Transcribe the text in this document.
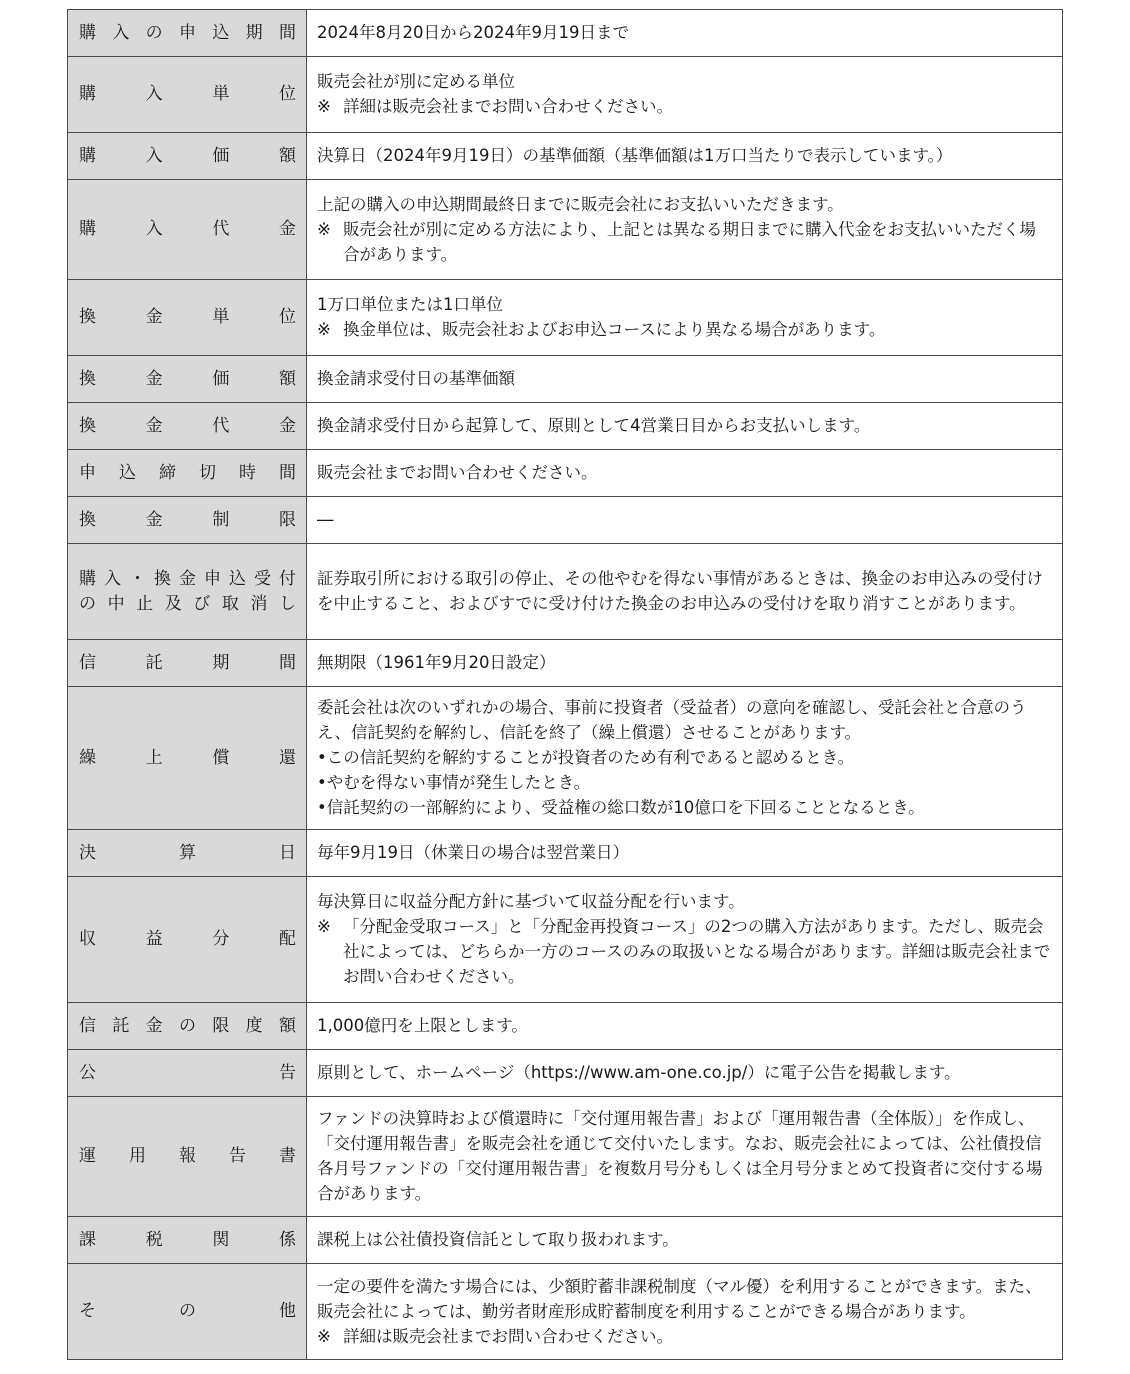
購入の申込期間	2024年8月20日から2024年9月19日まで

購入単位	販売会社が別に定める単位
※ 詳細は販売会社までお問い合わせください。

購入価額	決算日（2024年9月19日）の基準価額（基準価額は1万口当たりで表示しています。）

購入代金	上記の購入の申込期間最終日までに販売会社にお支払いいただきます。
※ 販売会社が別に定める方法により、上記とは異なる期日までに購入代金をお支払いいただく場合があります。

換金単位	1万口単位または1口単位
※ 換金単位は、販売会社およびお申込コースにより異なる場合があります。

換金価額	換金請求受付日の基準価額

換金代金	換金請求受付日から起算して、原則として4営業日目からお支払いします。

申込締切時間	販売会社までお問い合わせください。

換金制限	―

購入・換金申込受付
の中止及び取消し	証券取引所における取引の停止、その他やむを得ない事情があるときは、換金のお申込みの受付けを中止すること、およびすでに受け付けた換金のお申込みの受付けを取り消すことがあります。

信託期間	無期限（1961年9月20日設定）

繰上償還	委託会社は次のいずれかの場合、事前に投資者（受益者）の意向を確認し、受託会社と合意のうえ、信託契約を解約し、信託を終了（繰上償還）させることがあります。
•この信託契約を解約することが投資者のため有利であると認めるとき。
•やむを得ない事情が発生したとき。
•信託契約の一部解約により、受益権の総口数が10億口を下回ることとなるとき。

決算日	毎年9月19日（休業日の場合は翌営業日）

収益分配	毎決算日に収益分配方針に基づいて収益分配を行います。
※ 「分配金受取コース」と「分配金再投資コース」の2つの購入方法があります。ただし、販売会社によっては、どちらか一方のコースのみの取扱いとなる場合があります。詳細は販売会社までお問い合わせください。

信託金の限度額	1,000億円を上限とします。

公告	原則として、ホームページ（https://www.am-one.co.jp/）に電子公告を掲載します。

運用報告書	ファンドの決算時および償還時に「交付運用報告書」および「運用報告書（全体版）」を作成し、「交付運用報告書」を販売会社を通じて交付いたします。なお、販売会社によっては、公社債投信各月号ファンドの「交付運用報告書」を複数月号分もしくは全月号分まとめて投資者に交付する場合があります。

課税関係	課税上は公社債投資信託として取り扱われます。

その他	一定の要件を満たす場合には、少額貯蓄非課税制度（マル優）を利用することができます。また、販売会社によっては、勤労者財産形成貯蓄制度を利用することができる場合があります。
※ 詳細は販売会社までお問い合わせください。
